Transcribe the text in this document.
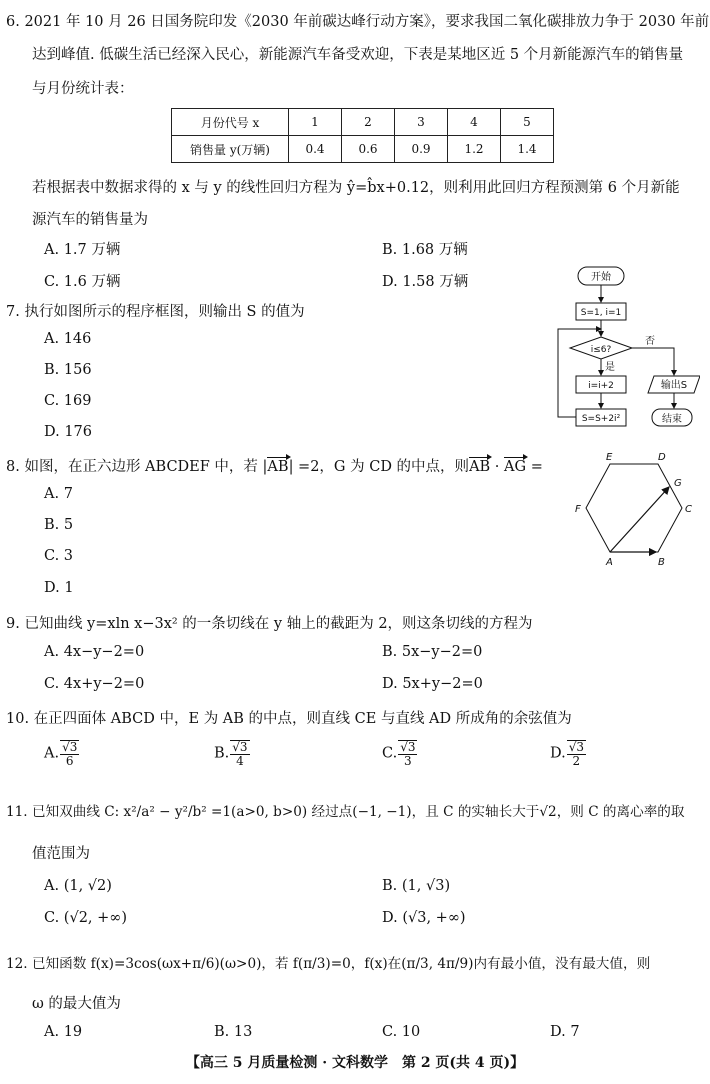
6. 2021 年 10 月 26 日国务院印发《2030 年前碳达峰行动方案》，要求我国二氧化碳排放力争于 2030 年前
达到峰值. 低碳生活已经深入民心，新能源汽车备受欢迎，下表是某地区近 5 个月新能源汽车的销售量
与月份统计表：
月份代号 x	1	2	3	4	5
销售量 y(万辆)	0.4	0.6	0.9	1.2	1.4
若根据表中数据求得的 x 与 y 的线性回归方程为 ŷ=b̂x+0.12，则利用此回归方程预测第 6 个月新能
源汽车的销售量为
A. 1.7 万辆	B. 1.68 万辆
C. 1.6 万辆	D. 1.58 万辆
7. 执行如图所示的程序框图，则输出 S 的值为
A. 146
B. 156
C. 169
D. 176
开始
S=1, i=1
i≤6?
是
否
i=i+2
S=S+2i²
输出S
结束
8. 如图，在正六边形 ABCDEF 中，若 |AB| =2，G 为 CD 的中点，则AB · AG =
A. 7
B. 5
C. 3
D. 1
A	B
C
D
E
F
G
9. 已知曲线 y=xln x−3x² 的一条切线在 y 轴上的截距为 2，则这条切线的方程为
A. 4x−y−2=0	B. 5x−y−2=0
C. 4x+y−2=0	D. 5x+y−2=0
10. 在正四面体 ABCD 中，E 为 AB 的中点，则直线 CE 与直线 AD 所成角的余弦值为
A. $\frac{√3}{6}$	B. $\frac{√3}{4}$	C. $\frac{√3}{3}$	D. $\frac{√3}{2}$
11. 已知双曲线 C: x²/a² − y²/b² =1(a>0, b>0) 经过点(−1, −1)，且 C 的实轴长大于√2，则 C 的离心率的取
值范围为
A. (1, √2)	B. (1, √3)
C. (√2, +∞)	D. (√3, +∞)
12. 已知函数 f(x)=3cos(ωx+π/6)(ω>0)，若 f(π/3)=0，f(x)在(π/3, 4π/9)内有最小值，没有最大值，则
ω 的最大值为
A. 19	B. 13	C. 10	D. 7
【高三 5 月质量检测 · 文科数学　第 2 页(共 4 页)】
